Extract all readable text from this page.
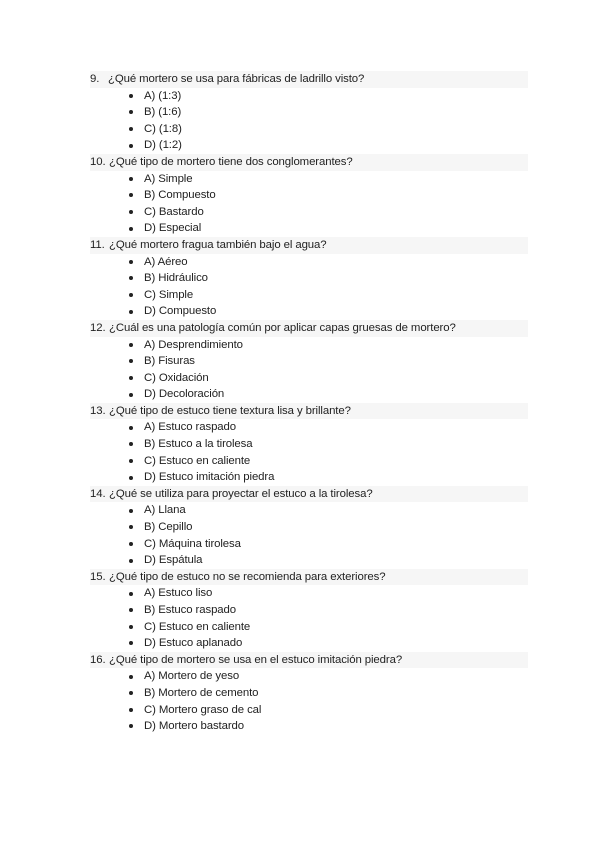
9. ¿Qué mortero se usa para fábricas de ladrillo visto?
A) (1:3)
B) (1:6)
C) (1:8)
D) (1:2)
10. ¿Qué tipo de mortero tiene dos conglomerantes?
A) Simple
B) Compuesto
C) Bastardo
D) Especial
11. ¿Qué mortero fragua también bajo el agua?
A) Aéreo
B) Hidráulico
C) Simple
D) Compuesto
12. ¿Cuál es una patología común por aplicar capas gruesas de mortero?
A) Desprendimiento
B) Fisuras
C) Oxidación
D) Decoloración
13. ¿Qué tipo de estuco tiene textura lisa y brillante?
A) Estuco raspado
B) Estuco a la tirolesa
C) Estuco en caliente
D) Estuco imitación piedra
14. ¿Qué se utiliza para proyectar el estuco a la tirolesa?
A) Llana
B) Cepillo
C) Máquina tirolesa
D) Espátula
15. ¿Qué tipo de estuco no se recomienda para exteriores?
A) Estuco liso
B) Estuco raspado
C) Estuco en caliente
D) Estuco aplanado
16. ¿Qué tipo de mortero se usa en el estuco imitación piedra?
A) Mortero de yeso
B) Mortero de cemento
C) Mortero graso de cal
D) Mortero bastardo
